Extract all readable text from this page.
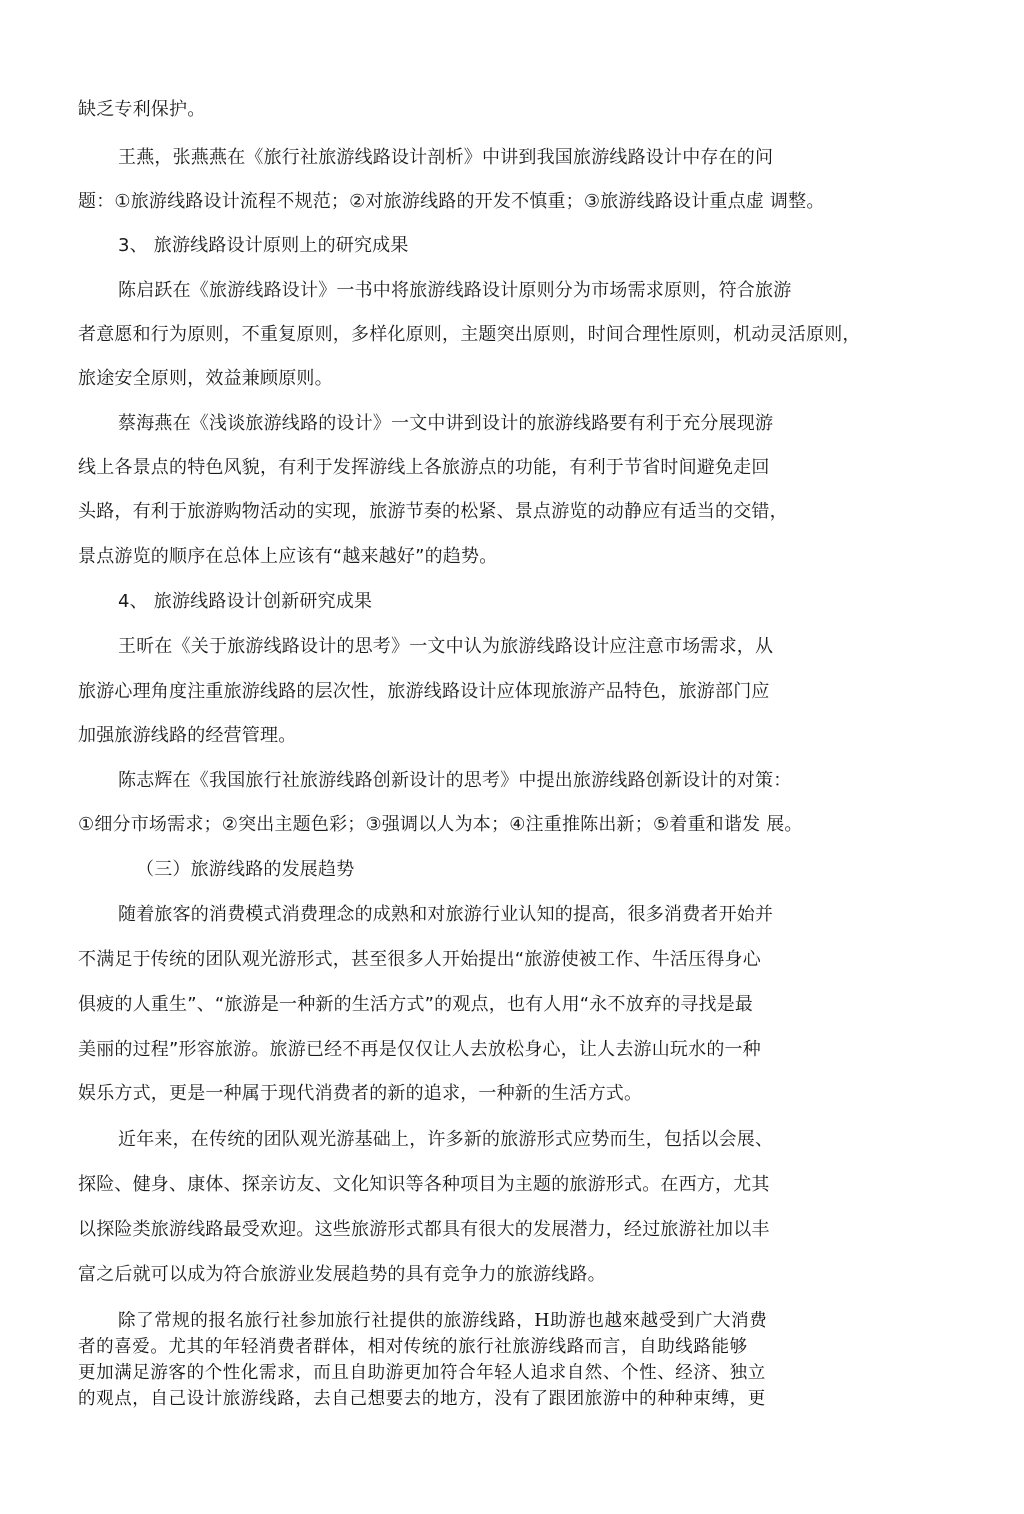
缺乏专利保护。
王燕，张燕燕在《旅行社旅游线路设计剖析》中讲到我国旅游线路设计中存在的问
题：①旅游线路设计流程不规范；②对旅游线路的开发不慎重；③旅游线路设计重点虚 调整。
3、 旅游线路设计原则上的研究成果
陈启跃在《旅游线路设计》一书中将旅游线路设计原则分为市场需求原则，符合旅游
者意愿和行为原则，不重复原则，多样化原则，主题突出原则，时间合理性原则，机动灵活原则，
旅途安全原则，效益兼顾原则。
蔡海燕在《浅谈旅游线路的设计》一文中讲到设计的旅游线路要有利于充分展现游
线上各景点的特色风貌，有利于发挥游线上各旅游点的功能，有利于节省时间避免走回
头路，有利于旅游购物活动的实现，旅游节奏的松紧、景点游览的动静应有适当的交错，
景点游览的顺序在总体上应该有“越来越好”的趋势。
4、 旅游线路设计创新研究成果
王昕在《关于旅游线路设计的思考》一文中认为旅游线路设计应注意市场需求，从
旅游心理角度注重旅游线路的层次性，旅游线路设计应体现旅游产品特色，旅游部门应
加强旅游线路的经营管理。
陈志辉在《我国旅行社旅游线路创新设计的思考》中提出旅游线路创新设计的对策：
①细分市场需求；②突出主题色彩；③强调以人为本；④注重推陈出新；⑤着重和谐发 展。
（三）旅游线路的发展趋势
随着旅客的消费模式消费理念的成熟和对旅游行业认知的提高，很多消费者开始并
不满足于传统的团队观光游形式，甚至很多人开始提出“旅游使被工作、牛活压得身心
俱疲的人重生”、“旅游是一种新的生活方式”的观点，也有人用“永不放弃的寻找是最
美丽的过程”形容旅游。旅游已经不再是仅仅让人去放松身心，让人去游山玩水的一种
娱乐方式，更是一种属于现代消费者的新的追求，一种新的生活方式。
近年来，在传统的团队观光游基础上，许多新的旅游形式应势而生，包括以会展、
探险、健身、康体、探亲访友、文化知识等各种项目为主题的旅游形式。在西方，尤其
以探险类旅游线路最受欢迎。这些旅游形式都具有很大的发展潜力，经过旅游社加以丰
富之后就可以成为符合旅游业发展趋势的具有竞争力的旅游线路。
除了常规的报名旅行社参加旅行社提供的旅游线路，H助游也越來越受到广大消费
者的喜爱。尤其的年轻消费者群体，相对传统的旅行社旅游线路而言，自助线路能够
更加满足游客的个性化需求，而且自助游更加符合年轻人追求自然、个性、经济、独立
的观点，自己设计旅游线路，去自己想要去的地方，没有了跟团旅游中的种种束缚，更
